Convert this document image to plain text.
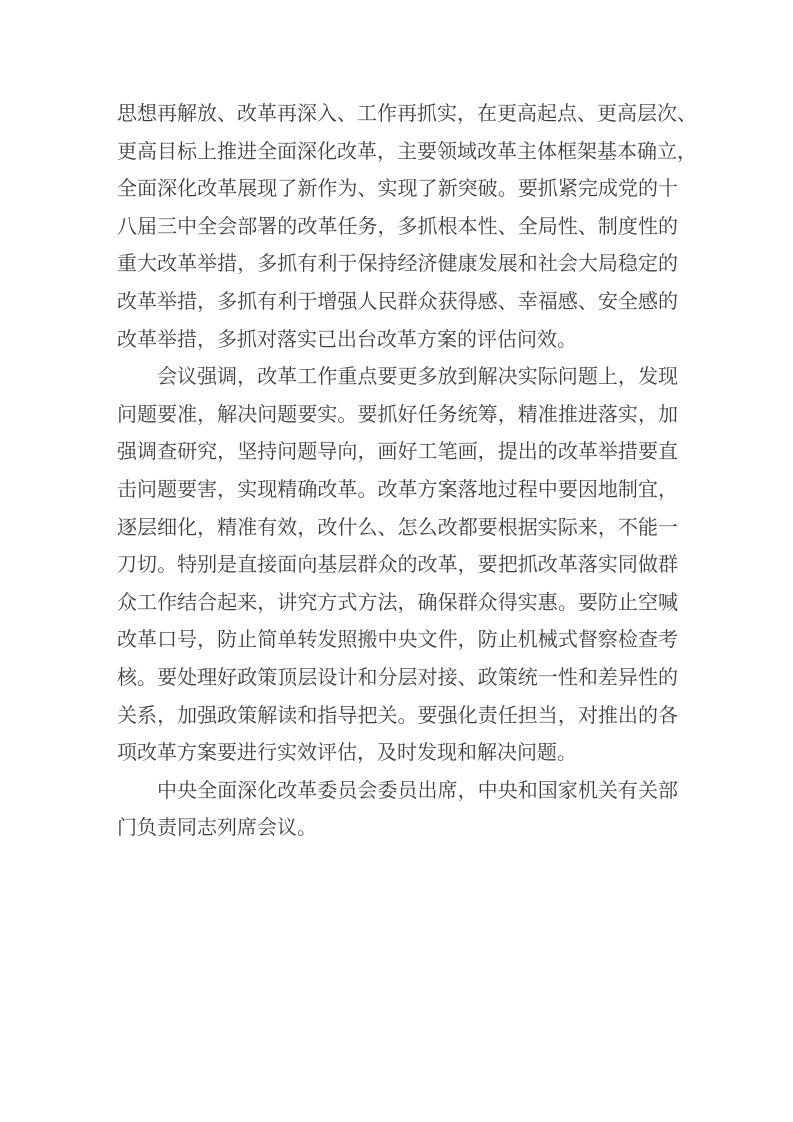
思想再解放、改革再深入、工作再抓实，在更高起点、更高层次、
更高目标上推进全面深化改革，主要领域改革主体框架基本确立，
全面深化改革展现了新作为、实现了新突破。要抓紧完成党的十
八届三中全会部署的改革任务，多抓根本性、全局性、制度性的
重大改革举措，多抓有利于保持经济健康发展和社会大局稳定的
改革举措，多抓有利于增强人民群众获得感、幸福感、安全感的
改革举措，多抓对落实已出台改革方案的评估问效。
会议强调，改革工作重点要更多放到解决实际问题上，发现
问题要准，解决问题要实。要抓好任务统筹，精准推进落实，加
强调查研究，坚持问题导向，画好工笔画，提出的改革举措要直
击问题要害，实现精确改革。改革方案落地过程中要因地制宜，
逐层细化，精准有效，改什么、怎么改都要根据实际来，不能一
刀切。特别是直接面向基层群众的改革，要把抓改革落实同做群
众工作结合起来，讲究方式方法，确保群众得实惠。要防止空喊
改革口号，防止简单转发照搬中央文件，防止机械式督察检查考
核。要处理好政策顶层设计和分层对接、政策统一性和差异性的
关系，加强政策解读和指导把关。要强化责任担当，对推出的各
项改革方案要进行实效评估，及时发现和解决问题。
中央全面深化改革委员会委员出席，中央和国家机关有关部
门负责同志列席会议。
